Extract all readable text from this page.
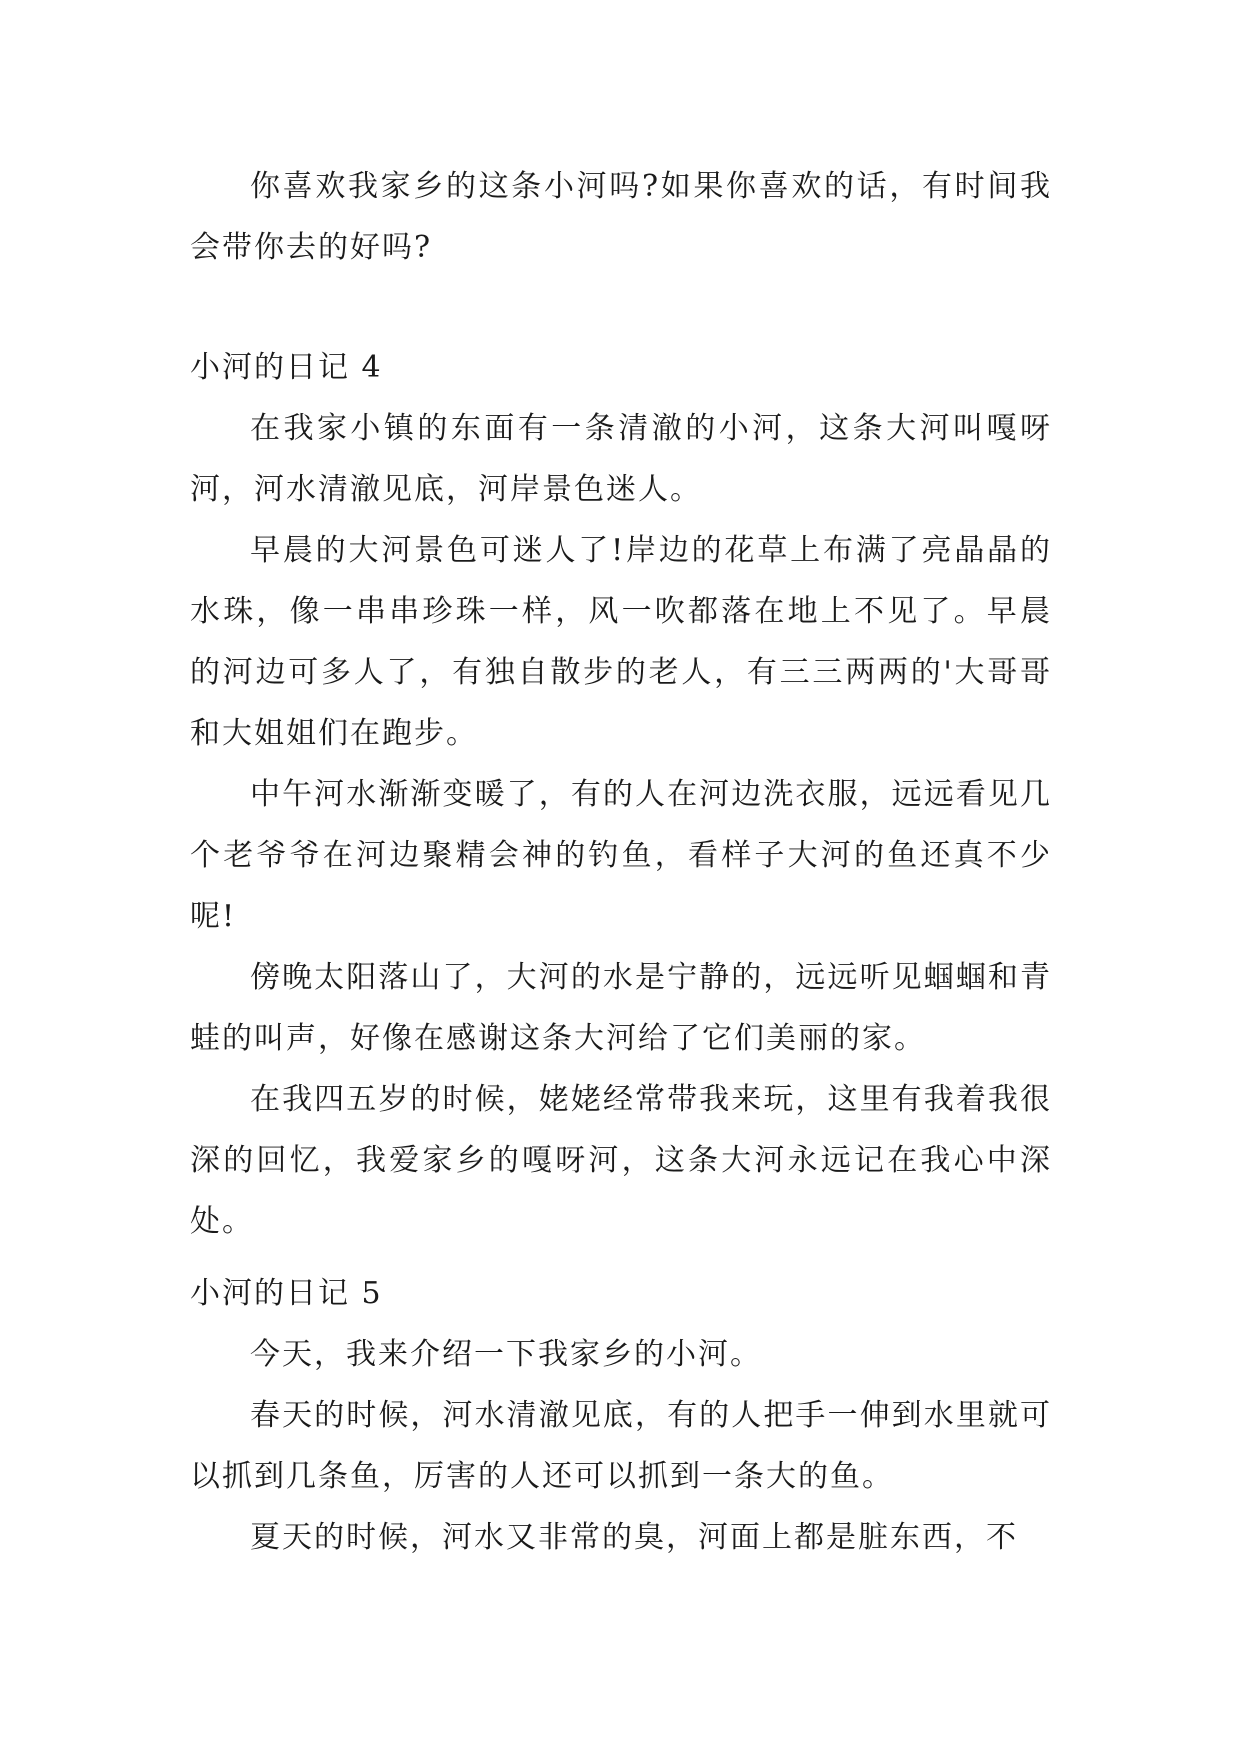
你喜欢我家乡的这条小河吗?如果你喜欢的话，有时间我会带你去的好吗?

小河的日记 4

在我家小镇的东面有一条清澈的小河，这条大河叫嘎呀河，河水清澈见底，河岸景色迷人。

早晨的大河景色可迷人了!岸边的花草上布满了亮晶晶的水珠，像一串串珍珠一样，风一吹都落在地上不见了。早晨的河边可多人了，有独自散步的老人，有三三两两的'大哥哥和大姐姐们在跑步。

中午河水渐渐变暖了，有的人在河边洗衣服，远远看见几个老爷爷在河边聚精会神的钓鱼，看样子大河的鱼还真不少呢!

傍晚太阳落山了，大河的水是宁静的，远远听见蝈蝈和青蛙的叫声，好像在感谢这条大河给了它们美丽的家。

在我四五岁的时候，姥姥经常带我来玩，这里有我着我很深的回忆，我爱家乡的嘎呀河，这条大河永远记在我心中深处。

小河的日记 5

今天，我来介绍一下我家乡的小河。

春天的时候，河水清澈见底，有的人把手一伸到水里就可以抓到几条鱼，厉害的人还可以抓到一条大的鱼。

夏天的时候，河水又非常的臭，河面上都是脏东西，不
